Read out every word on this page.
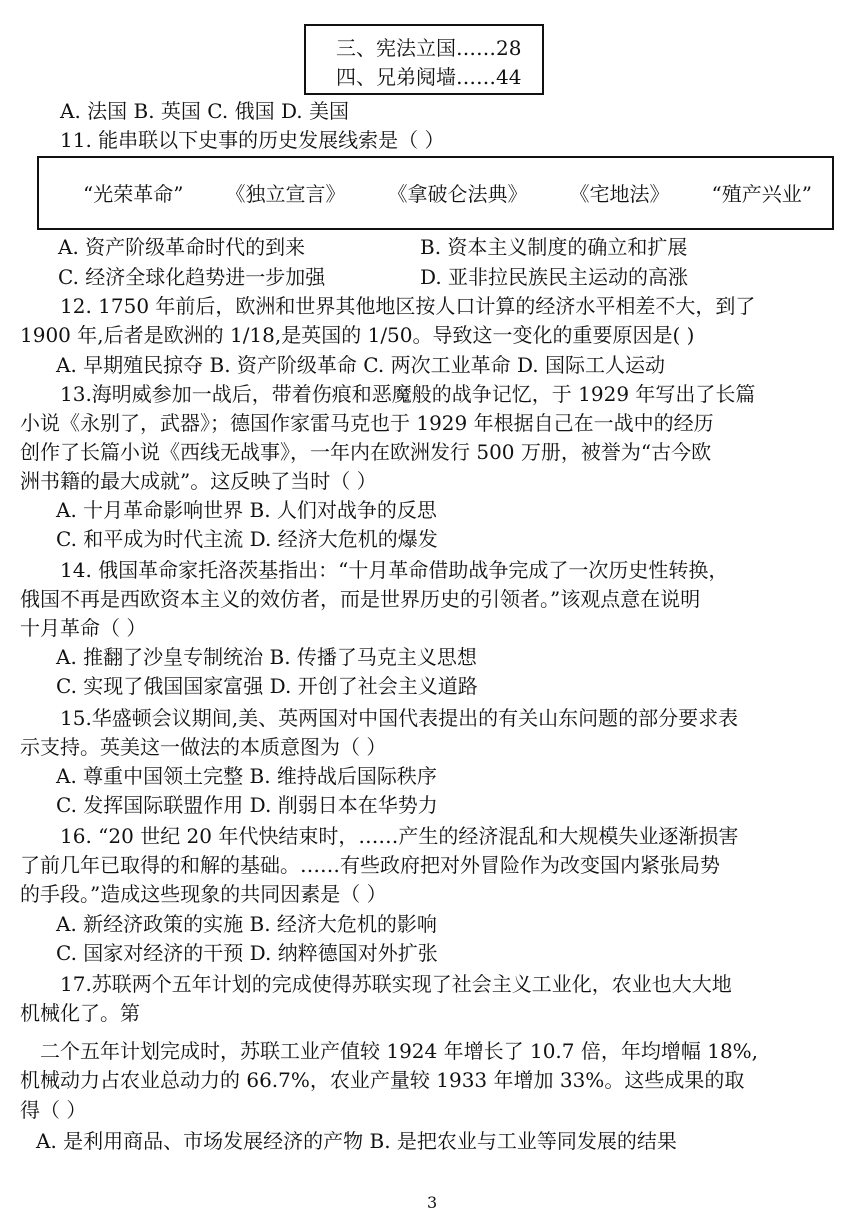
三、宪法立国……28
四、兄弟阋墙……44
A. 法国 B. 英国 C. 俄国 D. 美国
11. 能串联以下史事的历史发展线索是（ ）
“光荣革命” 《独立宣言》 《拿破仑法典》 《宅地法》 “殖产兴业”
A. 资产阶级革命时代的到来	B. 资本主义制度的确立和扩展
C. 经济全球化趋势进一步加强	D. 亚非拉民族民主运动的高涨
12. 1750 年前后，欧洲和世界其他地区按人口计算的经济水平相差不大，到了
1900 年,后者是欧洲的 1/18,是英国的 1/50。导致这一变化的重要原因是( )
A. 早期殖民掠夺 B. 资产阶级革命 C. 两次工业革命 D. 国际工人运动
13.海明威参加一战后，带着伤痕和恶魔般的战争记忆，于 1929 年写出了长篇
小说《永别了，武器》；德国作家雷马克也于 1929 年根据自己在一战中的经历
创作了长篇小说《西线无战事》，一年内在欧洲发行 500 万册，被誉为“古今欧
洲书籍的最大成就”。这反映了当时（ ）
A. 十月革命影响世界 B. 人们对战争的反思
C. 和平成为时代主流 D. 经济大危机的爆发
14. 俄国革命家托洛茨基指出：“十月革命借助战争完成了一次历史性转换，
俄国不再是西欧资本主义的效仿者，而是世界历史的引领者。”该观点意在说明
十月革命（ ）
A. 推翻了沙皇专制统治 B. 传播了马克主义思想
C. 实现了俄国国家富强 D. 开创了社会主义道路
15.华盛顿会议期间,美、英两国对中国代表提出的有关山东问题的部分要求表
示支持。英美这一做法的本质意图为（ ）
A. 尊重中国领土完整 B. 维持战后国际秩序
C. 发挥国际联盟作用 D. 削弱日本在华势力
16. “20 世纪 20 年代快结束时，……产生的经济混乱和大规模失业逐渐损害
了前几年已取得的和解的基础。……有些政府把对外冒险作为改变国内紧张局势
的手段。”造成这些现象的共同因素是（ ）
A. 新经济政策的实施 B. 经济大危机的影响
C. 国家对经济的干预 D. 纳粹德国对外扩张
17.苏联两个五年计划的完成使得苏联实现了社会主义工业化，农业也大大地
机械化了。第
二个五年计划完成时，苏联工业产值较 1924 年增长了 10.7 倍，年均增幅 18%,
机械动力占农业总动力的 66.7%，农业产量较 1933 年增加 33%。这些成果的取
得（ ）
A. 是利用商品、市场发展经济的产物 B. 是把农业与工业等同发展的结果
3
